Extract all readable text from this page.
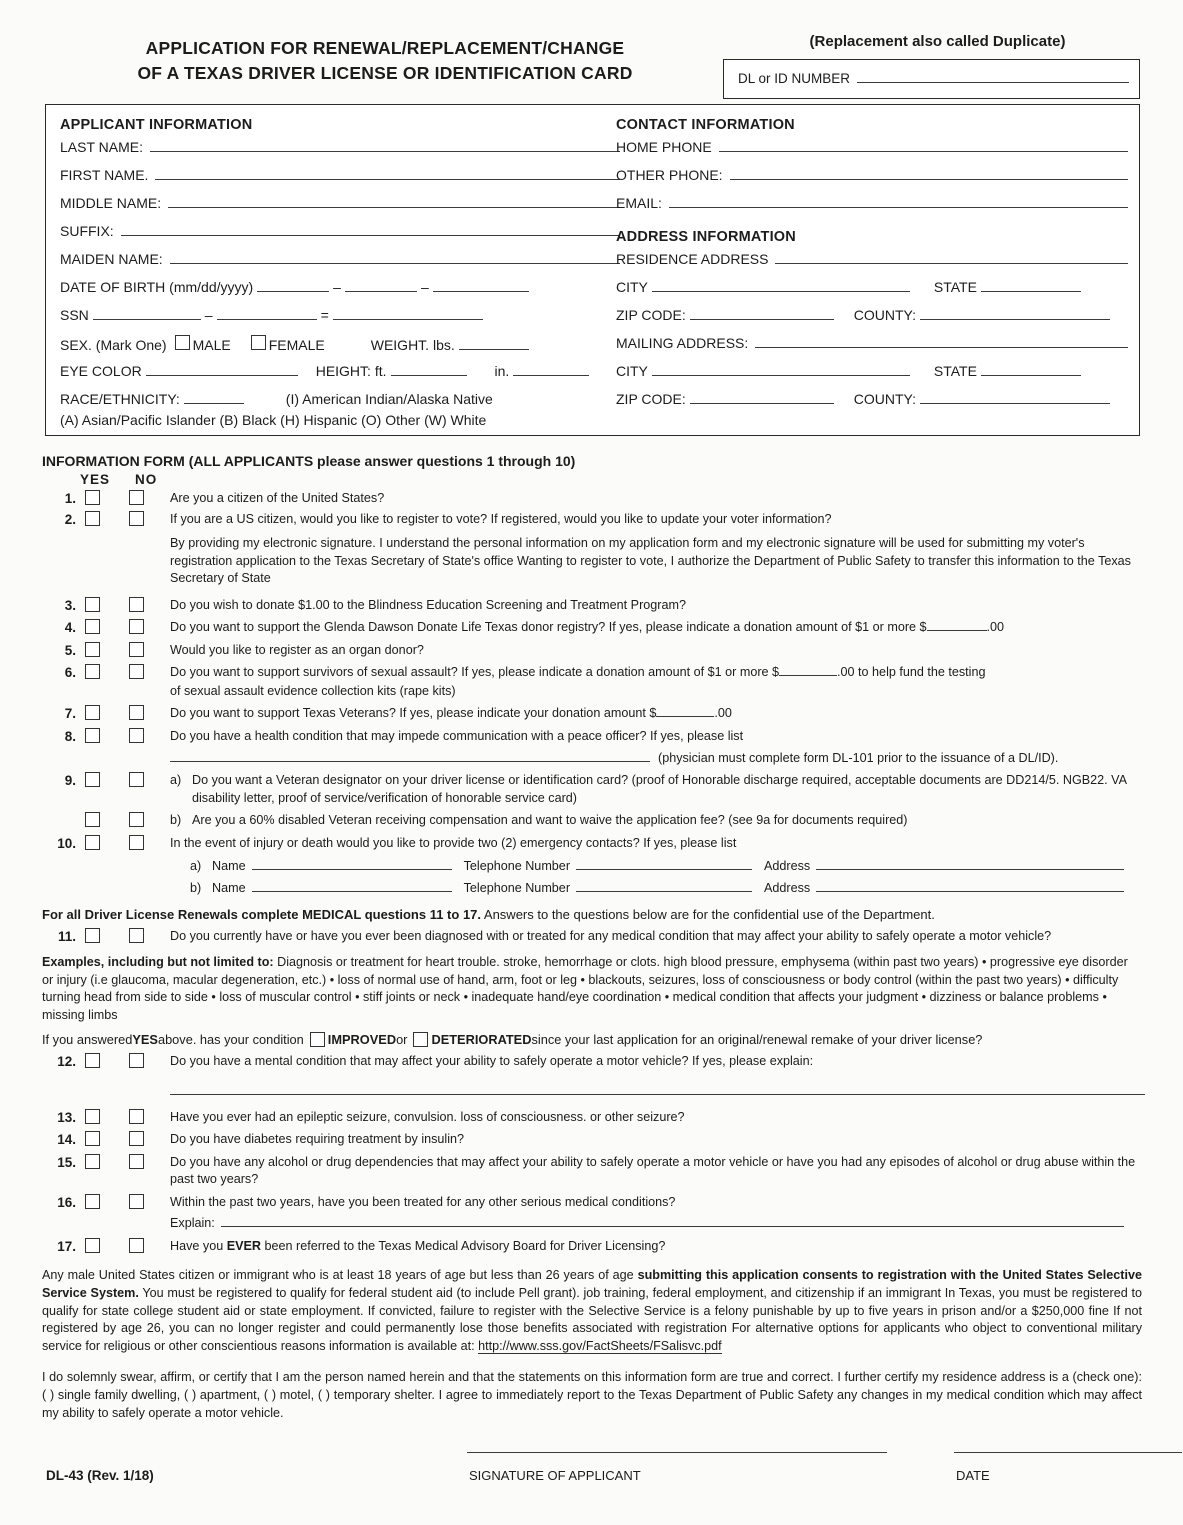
APPLICATION FOR RENEWAL/REPLACEMENT/CHANGE
OF A TEXAS DRIVER LICENSE OR IDENTIFICATION CARD
(Replacement also called Duplicate)
DL or ID NUMBER
APPLICANT INFORMATION
LAST NAME:
FIRST NAME.
MIDDLE NAME:
SUFFIX:
MAIDEN NAME:
DATE OF BIRTH (mm/dd/yyyy)	–	–
SSN	–	=
SEX. (Mark One) MALE	FEMALE	WEIGHT. lbs.
EYE COLOR	HEIGHT: ft.	in.
RACE/ETHNICITY:	(I) American Indian/Alaska Native
(A) Asian/Pacific Islander (B) Black (H) Hispanic (O) Other (W) White
CONTACT INFORMATION
HOME PHONE
OTHER PHONE:
EMAIL:
ADDRESS INFORMATION
RESIDENCE ADDRESS
CITY	STATE
ZIP CODE:	COUNTY:
MAILING ADDRESS:
CITY	STATE
ZIP CODE:	COUNTY:
INFORMATION FORM (ALL APPLICANTS please answer questions 1 through 10)
YES NO
1.	Are you a citizen of the United States?
2.	If you are a US citizen, would you like to register to vote? If registered, would you like to update your voter information?
By providing my electronic signature. I understand the personal information on my application form and my electronic signature will be used for submitting my voter's registration application to the Texas Secretary of State's office Wanting to register to vote, I authorize the Department of Public Safety to transfer this information to the Texas Secretary of State
3.	Do you wish to donate $1.00 to the Blindness Education Screening and Treatment Program?
4.	Do you want to support the Glenda Dawson Donate Life Texas donor registry? If yes, please indicate a donation amount of $1 or more $	.00
5.	Would you like to register as an organ donor?
6.	Do you want to support survivors of sexual assault? If yes, please indicate a donation amount of $1 or more $	.00 to help fund the testing
of sexual assault evidence collection kits (rape kits)
7.	Do you want to support Texas Veterans? If yes, please indicate your donation amount $	.00
8.	Do you have a health condition that may impede communication with a peace officer? If yes, please list
(physician must complete form DL-101 prior to the issuance of a DL/ID).
9.	a) Do you want a Veteran designator on your driver license or identification card? (proof of Honorable discharge required, acceptable documents are DD214/5. NGB22. VA disability letter, proof of service/verification of honorable service card)
b) Are you a 60% disabled Veteran receiving compensation and want to waive the application fee? (see 9a for documents required)
10.	In the event of injury or death would you like to provide two (2) emergency contacts? If yes, please list
a) Name	Telephone Number	Address
b) Name	Telephone Number	Address
For all Driver License Renewals complete MEDICAL questions 11 to 17. Answers to the questions below are for the confidential use of the Department.
11.	Do you currently have or have you ever been diagnosed with or treated for any medical condition that may affect your ability to safely operate a motor vehicle?
Examples, including but not limited to: Diagnosis or treatment for heart trouble. stroke, hemorrhage or clots. high blood pressure, emphysema (within past two years) • progressive eye disorder or injury (i.e glaucoma, macular degeneration, etc.) • loss of normal use of hand, arm, foot or leg • blackouts, seizures, loss of consciousness or body control (within the past two years) • difficulty turning head from side to side • loss of muscular control • stiff joints or neck • inadequate hand/eye coordination • medical condition that affects your judgment • dizziness or balance problems • missing limbs
If you answered YES above. has your condition IMPROVED or DETERIORATED since your last application for an original/renewal remake of your driver license?
12.	Do you have a mental condition that may affect your ability to safely operate a motor vehicle? If yes, please explain:
13.	Have you ever had an epileptic seizure, convulsion. loss of consciousness. or other seizure?
14.	Do you have diabetes requiring treatment by insulin?
15.	Do you have any alcohol or drug dependencies that may affect your ability to safely operate a motor vehicle or have you had any episodes of alcohol or drug abuse within the past two years?
16.	Within the past two years, have you been treated for any other serious medical conditions?
Explain:
17.	Have you EVER been referred to the Texas Medical Advisory Board for Driver Licensing?
Any male United States citizen or immigrant who is at least 18 years of age but less than 26 years of age submitting this application consents to registration with the United States Selective Service System. You must be registered to qualify for federal student aid (to include Pell grant). job training, federal employment, and citizenship if an immigrant In Texas, you must be registered to qualify for state college student aid or state employment. If convicted, failure to register with the Selective Service is a felony punishable by up to five years in prison and/or a $250,000 fine If not registered by age 26, you can no longer register and could permanently lose those benefits associated with registration For alternative options for applicants who object to conventional military service for religious or other conscientious reasons information is available at: http://www.sss.gov/FactSheets/FSalisvc.pdf
I do solemnly swear, affirm, or certify that I am the person named herein and that the statements on this information form are true and correct. I further certify my residence address is a (check one): ( ) single family dwelling, ( ) apartment, ( ) motel, ( ) temporary shelter. I agree to immediately report to the Texas Department of Public Safety any changes in my medical condition which may affect my ability to safely operate a motor vehicle.
DL-43 (Rev. 1/18)	SIGNATURE OF APPLICANT	DATE
